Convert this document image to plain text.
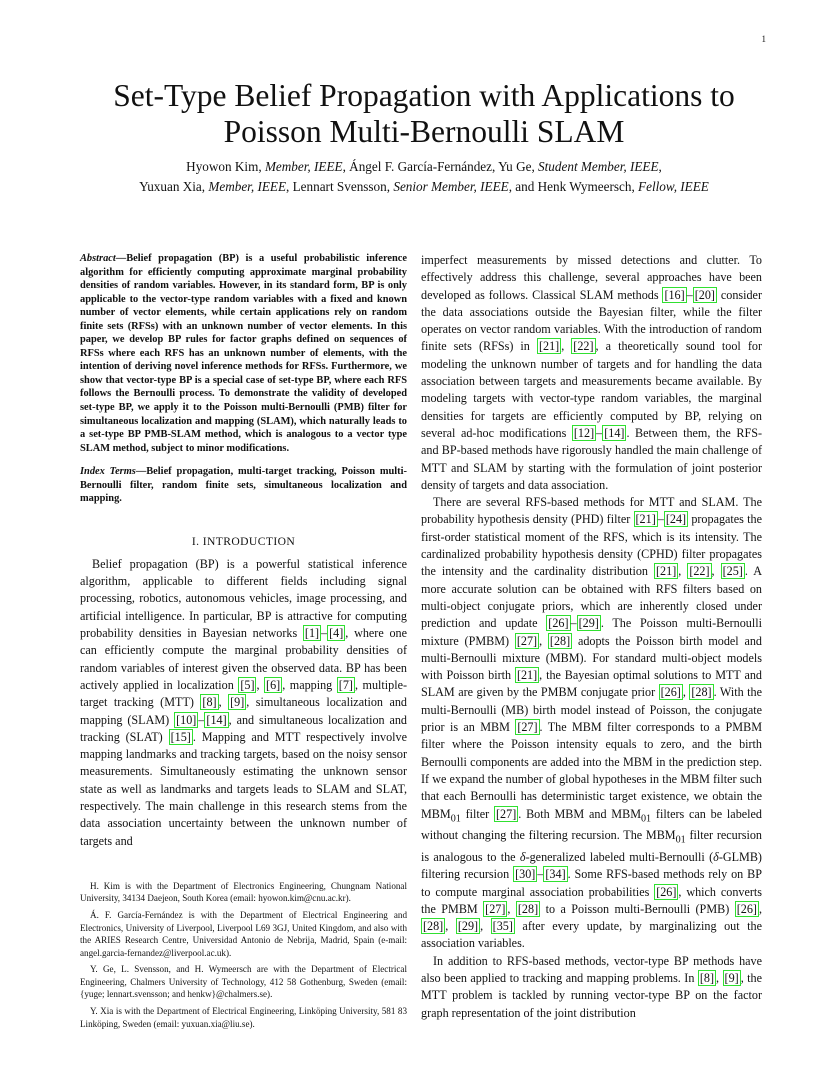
1
Set-Type Belief Propagation with Applications to
Poisson Multi-Bernoulli SLAM
Hyowon Kim, Member, IEEE, Ángel F. García-Fernández, Yu Ge, Student Member, IEEE,
Yuxuan Xia, Member, IEEE, Lennart Svensson, Senior Member, IEEE, and Henk Wymeersch, Fellow, IEEE

Abstract—Belief propagation (BP) is a useful probabilistic inference algorithm for efficiently computing approximate marginal probability densities of random variables. However, in its standard form, BP is only applicable to the vector-type random variables with a fixed and known number of vector elements, while certain applications rely on random finite sets (RFSs) with an unknown number of vector elements. In this paper, we develop BP rules for factor graphs defined on sequences of RFSs where each RFS has an unknown number of elements, with the intention of deriving novel inference methods for RFSs. Furthermore, we show that vector-type BP is a special case of set-type BP, where each RFS follows the Bernoulli process. To demonstrate the validity of developed set-type BP, we apply it to the Poisson multi-Bernoulli (PMB) filter for simultaneous localization and mapping (SLAM), which naturally leads to a set-type BP PMB-SLAM method, which is analogous to a vector type SLAM method, subject to minor modifications.

Index Terms—Belief propagation, multi-target tracking, Poisson multi-Bernoulli filter, random finite sets, simultaneous localization and mapping.

I. INTRODUCTION

Belief propagation (BP) is a powerful statistical inference algorithm, applicable to different fields including signal processing, robotics, autonomous vehicles, image processing, and artificial intelligence. In particular, BP is attractive for computing probability densities in Bayesian networks [1] – [4] , where one can efficiently compute the marginal probability densities of random variables of interest given the observed data. BP has been actively applied in localization [5] , [6] , mapping [7] , multiple-target tracking (MTT) [8] , [9] , simultaneous localization and mapping (SLAM) [10] – [14] , and simultaneous localization and tracking (SLAT) [15] . Mapping and MTT respectively involve mapping landmarks and tracking targets, based on the noisy sensor measurements. Simultaneously estimating the unknown sensor state as well as landmarks and targets leads to SLAM and SLAT, respectively. The main challenge in this research stems from the data association uncertainty between the unknown number of targets and

H. Kim is with the Department of Electronics Engineering, Chungnam National University, 34134 Daejeon, South Korea (email: hyowon.kim@cnu.ac.kr).

Á. F. García-Fernández is with the Department of Electrical Engineering and Electronics, University of Liverpool, Liverpool L69 3GJ, United Kingdom, and also with the ARIES Research Centre, Universidad Antonio de Nebrija, Madrid, Spain (e-mail: angel.garcia-fernandez@liverpool.ac.uk).

Y. Ge, L. Svensson, and H. Wymeersch are with the Department of Electrical Engineering, Chalmers University of Technology, 412 58 Gothenburg, Sweden (email: {yuge; lennart.svensson; and henkw}@chalmers.se).

Y. Xia is with the Department of Electrical Engineering, Linköping University, 581 83 Linköping, Sweden (email: yuxuan.xia@liu.se).

imperfect measurements by missed detections and clutter. To effectively address this challenge, several approaches have been developed as follows. Classical SLAM methods [16] – [20] consider the data associations outside the Bayesian filter, while the filter operates on vector random variables. With the introduction of random finite sets (RFSs) in [21] , [22] , a theoretically sound tool for modeling the unknown number of targets and for handling the data association between targets and measurements became available. By modeling targets with vector-type random variables, the marginal densities for targets are efficiently computed by BP, relying on several ad-hoc modifications [12] – [14] . Between them, the RFS- and BP-based methods have rigorously handled the main challenge of MTT and SLAM by starting with the formulation of joint posterior density of targets and data association.

There are several RFS-based methods for MTT and SLAM. The probability hypothesis density (PHD) filter [21] – [24] propagates the first-order statistical moment of the RFS, which is its intensity. The cardinalized probability hypothesis density (CPHD) filter propagates the intensity and the cardinality distribution [21] , [22] , [25] . A more accurate solution can be obtained with RFS filters based on multi-object conjugate priors, which are inherently closed under prediction and update [26] – [29] . The Poisson multi-Bernoulli mixture (PMBM) [27] , [28] adopts the Poisson birth model and multi-Bernoulli mixture (MBM). For standard multi-object models with Poisson birth [21] , the Bayesian optimal solutions to MTT and SLAM are given by the PMBM conjugate prior [26] , [28] . With the multi-Bernoulli (MB) birth model instead of Poisson, the conjugate prior is an MBM [27] . The MBM filter corresponds to a PMBM filter where the Poisson intensity equals to zero, and the birth Bernoulli components are added into the MBM in the prediction step. If we expand the number of global hypotheses in the MBM filter such that each Bernoulli has deterministic target existence, we obtain the $MBM_{01}$ filter [27] . Both MBM and $MBM_{01}$ filters can be labeled without changing the filtering recursion. The $MBM_{01}$ filter recursion is analogous to the δ-generalized labeled multi-Bernoulli (δ-GLMB) filtering recursion [30] – [34] . Some RFS-based methods rely on BP to compute marginal association probabilities [26] , which converts the PMBM [27] , [28] to a Poisson multi-Bernoulli (PMB) [26] , [28] , [29] , [35] after every update, by marginalizing out the association variables.

In addition to RFS-based methods, vector-type BP methods have also been applied to tracking and mapping problems. In [8] , [9] , the MTT problem is tackled by running vector-type BP on the factor graph representation of the joint distribution
